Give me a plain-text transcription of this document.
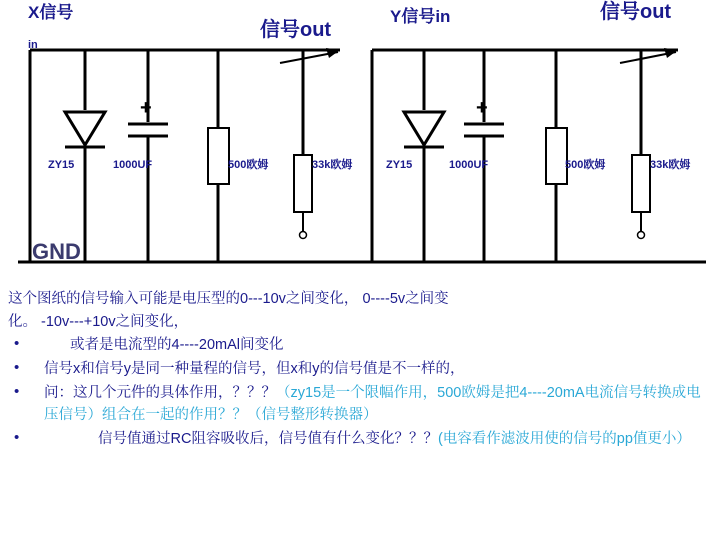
X信号
in
信号out
Y信号in	信号out
GND
ZY15	1000UF	500欧姆	33k欧姆
+
ZY15	1000UF	500欧姆	33k欧姆
+

这个图纸的信号输入可能是电压型的0---10v之间变化， 0----5v之间变

化。 -10v---+10v之间变化，

• 或者是电流型的4----20mAl间变化
• 信号x和信号y是同一种量程的信号，但x和y的信号值是不一样的，
• 问：这几个元件的具体作用，？？？（zy15是一个限幅作用，500欧姆是把4----20mA电流信号转换成电压信号）组合在一起的作用？？（信号整形转换器）
• 信号值通过RC阻容吸收后，信号值有什么变化？？？(电容看作滤波用使的信号的pp值更小）
